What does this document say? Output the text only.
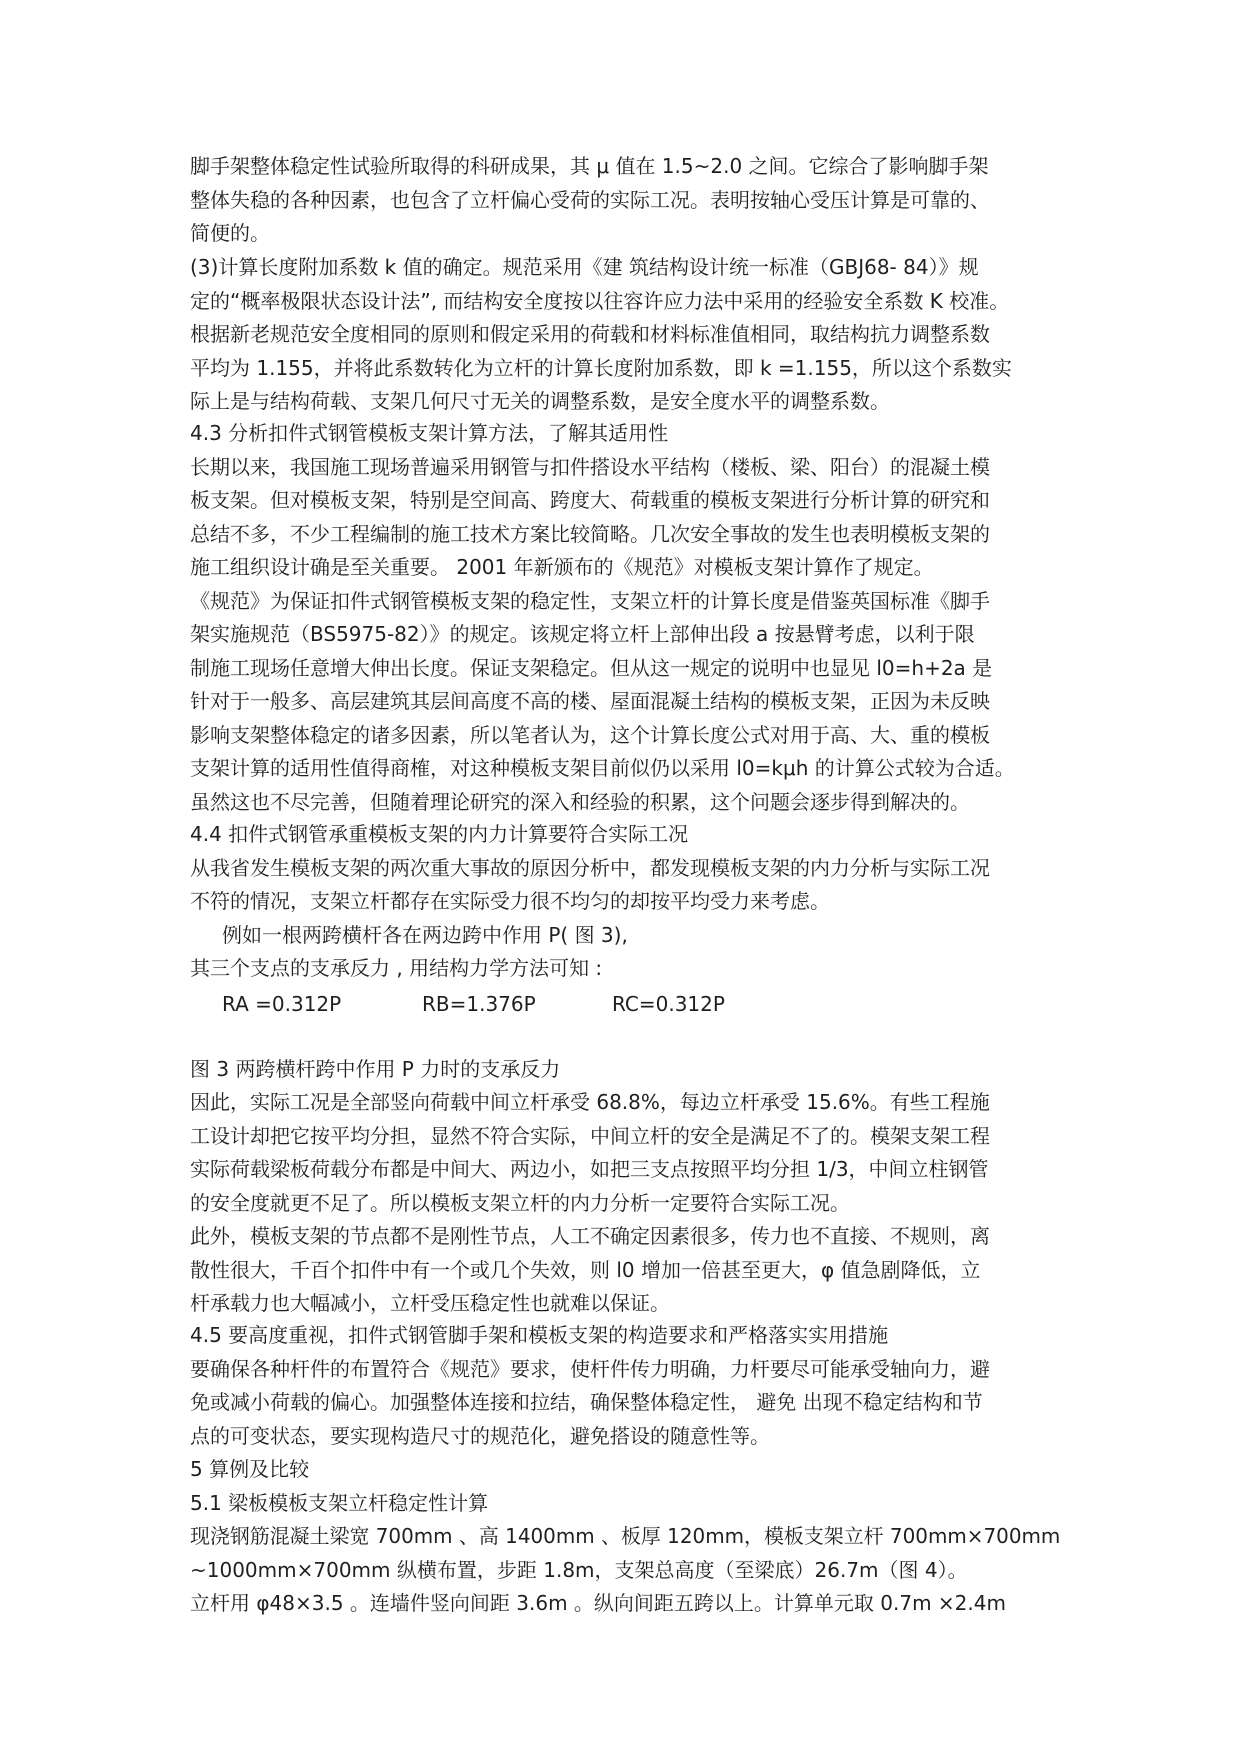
脚手架整体稳定性试验所取得的科研成果，其 μ 值在 1.5~2.0 之间。它综合了影响脚手架
整体失稳的各种因素，也包含了立杆偏心受荷的实际工况。表明按轴心受压计算是可靠的、
简便的。
(3)计算长度附加系数 k 值的确定。规范采用《建 筑结构设计统一标准（GBJ68- 84）》规
定的“概率极限状态设计法”, 而结构安全度按以往容许应力法中采用的经验安全系数 K 校准。
根据新老规范安全度相同的原则和假定采用的荷载和材料标准值相同，取结构抗力调整系数
平均为 1.155，并将此系数转化为立杆的计算长度附加系数，即 k =1.155，所以这个系数实
际上是与结构荷载、支架几何尺寸无关的调整系数，是安全度水平的调整系数。
4.3 分析扣件式钢管模板支架计算方法，了解其适用性
长期以来，我国施工现场普遍采用钢管与扣件搭设水平结构（楼板、梁、阳台）的混凝土模
板支架。但对模板支架，特别是空间高、跨度大、荷载重的模板支架进行分析计算的研究和
总结不多，不少工程编制的施工技术方案比较简略。几次安全事故的发生也表明模板支架的
施工组织设计确是至关重要。 2001 年新颁布的《规范》对模板支架计算作了规定。
《规范》为保证扣件式钢管模板支架的稳定性，支架立杆的计算长度是借鉴英国标准《脚手
架实施规范（BS5975-82）》的规定。该规定将立杆上部伸出段 a 按悬臂考虑，以利于限
制施工现场任意增大伸出长度。保证支架稳定。但从这一规定的说明中也显见 l0=h+2a 是
针对于一般多、高层建筑其层间高度不高的楼、屋面混凝土结构的模板支架，正因为未反映
影响支架整体稳定的诸多因素，所以笔者认为，这个计算长度公式对用于高、大、重的模板
支架计算的适用性值得商榷，对这种模板支架目前似仍以采用 l0=kμh 的计算公式较为合适。
虽然这也不尽完善，但随着理论研究的深入和经验的积累，这个问题会逐步得到解决的。
4.4 扣件式钢管承重模板支架的内力计算要符合实际工况
从我省发生模板支架的两次重大事故的原因分析中，都发现模板支架的内力分析与实际工况
不符的情况，支架立杆都存在实际受力很不均匀的却按平均受力来考虑。
例如一根两跨横杆各在两边跨中作用 P( 图 3),
其三个支点的支承反力 , 用结构力学方法可知 :
RA =0.312P	RB=1.376P	RC=0.312P
图 3 两跨横杆跨中作用 P 力时的支承反力
因此，实际工况是全部竖向荷载中间立杆承受 68.8%，每边立杆承受 15.6%。有些工程施
工设计却把它按平均分担，显然不符合实际，中间立杆的安全是满足不了的。模架支架工程
实际荷载梁板荷载分布都是中间大、两边小，如把三支点按照平均分担 1/3，中间立柱钢管
的安全度就更不足了。所以模板支架立杆的内力分析一定要符合实际工况。
此外，模板支架的节点都不是刚性节点，人工不确定因素很多，传力也不直接、不规则，离
散性很大，千百个扣件中有一个或几个失效，则 l0 增加一倍甚至更大，φ 值急剧降低，立
杆承载力也大幅减小，立杆受压稳定性也就难以保证。
4.5 要高度重视，扣件式钢管脚手架和模板支架的构造要求和严格落实实用措施
要确保各种杆件的布置符合《规范》要求，使杆件传力明确，力杆要尽可能承受轴向力，避
免或减小荷载的偏心。加强整体连接和拉结，确保整体稳定性， 避免 出现不稳定结构和节
点的可变状态，要实现构造尺寸的规范化，避免搭设的随意性等。
5 算例及比较
5.1 梁板模板支架立杆稳定性计算
现浇钢筋混凝土梁宽 700mm 、高 1400mm 、板厚 120mm，模板支架立杆 700mm×700mm
~1000mm×700mm 纵横布置，步距 1.8m，支架总高度（至梁底）26.7m（图 4）。
立杆用 φ48×3.5 。连墙件竖向间距 3.6m 。纵向间距五跨以上。计算单元取 0.7m ×2.4m
